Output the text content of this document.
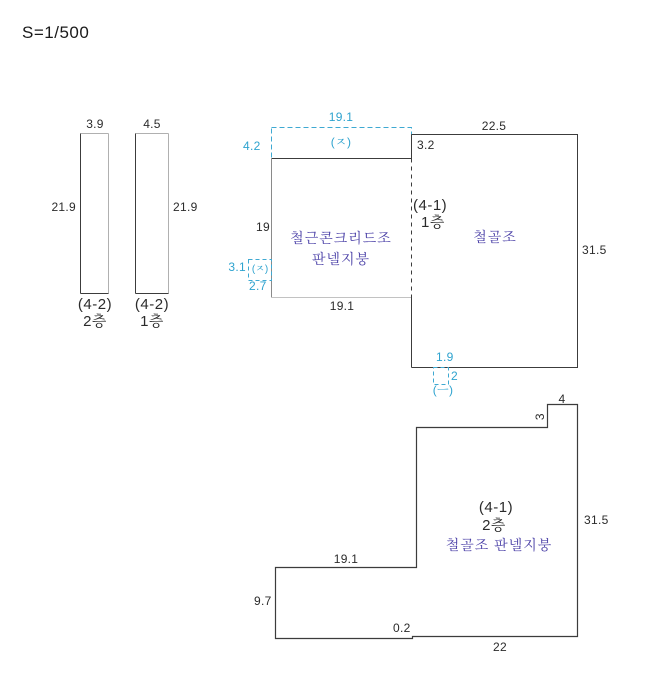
S=1/500
3.9
21.9
(4-2)
2층
4.5
21.9
(4-2)
1층
19.1
4.2	(ㅈ)
19
철근콘크리드조
판넬지붕
19.1
3.1 (ㅈ)
2.7
22.5
3.2
(4-1)
1층
철골조
31.5
1.9
2
(ㅡ)
4
3
31.5
(4-1)
2층
철골조 판넬지붕
19.1
9.7
0.2
22
